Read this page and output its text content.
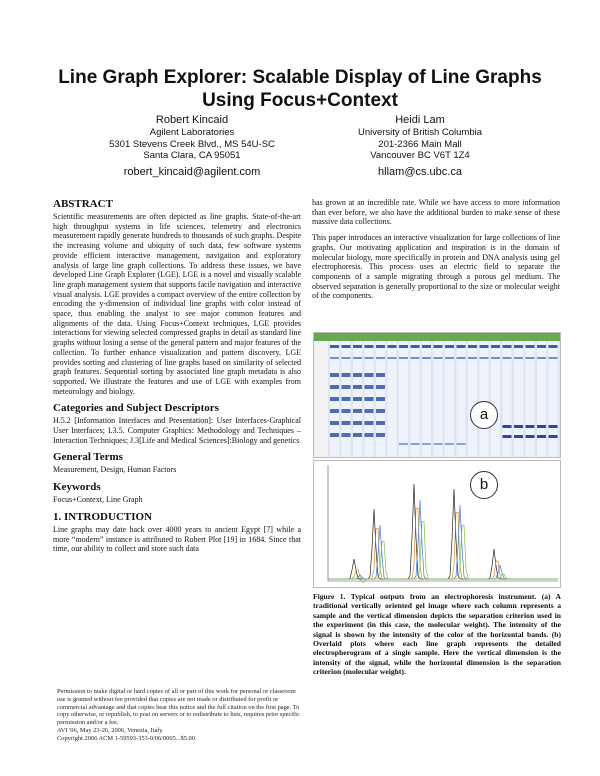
Line Graph Explorer: Scalable Display of Line Graphs Using Focus+Context
Robert Kincaid
Agilent Laboratories
5301 Stevens Creek Blvd., MS 54U-SC
Santa Clara, CA 95051
robert_kincaid@agilent.com
Heidi Lam
University of British Columbia
201-2366 Main Mall
Vancouver BC V6T 1Z4
hllam@cs.ubc.ca
ABSTRACT

Scientific measurements are often depicted as line graphs. State-of-the-art high throughput systems in life sciences, telemetry and electronics measurement rapidly generate hundreds to thousands of such graphs. Despite the increasing volume and ubiquity of such data, few software systems provide efficient interactive management, navigation and exploratory analysis of large line graph collections. To address these issues, we have developed Line Graph Explorer (LGE). LGE is a novel and visually scalable line graph management system that supports facile navigation and interactive visual analysis. LGE provides a compact overview of the entire collection by encoding the y-dimension of individual line graphs with color instead of space, thus enabling the analyst to see major common features and alignments of the data. Using Focus+Context techniques, LGE provides interactions for viewing selected compressed graphs in detail as standard line graphs without losing a sense of the general pattern and major features of the collection. To further enhance visualization and pattern discovery, LGE provides sorting and clustering of line graphs based on similarity of selected graph features. Sequential sorting by associated line graph metadata is also supported. We illustrate the features and use of LGE with examples from meteorology and biology.

Categories and Subject Descriptors

H.5.2 [Information Interfaces and Presentation]: User Interfaces-Graphical User Interfaces; I.3.5. Computer Graphics: Methodology and Techniques – Interaction Techniques; J.3[Life and Medical Sciences]:Biology and genetics

General Terms

Measurement, Design, Human Factors

Keywords

Focus+Context, Line Graph

1. INTRODUCTION

Line graphs may date back over 4000 years to ancient Egypt [7] while a more “modern” instance is attributed to Robert Plot [19] in 1684. Since that time, our ability to collect and store such data

Permission to make digital or hard copies of all or part of this work for personal or classroom use is granted without fee provided that copies are not made or distributed for profit or commercial advantage and that copies bear this notice and the full citation on the first page. To copy otherwise, or republish, to post on servers or to redistribute to lists, requires prior specific permission and/or a fee.
AVI '06, May 23-26, 2006, Venezia, Italy.
Copyright 2006 ACM 1-59593-353-0/06/0005...$5.00.

has grown at an incredible rate. While we have access to more information than ever before, we also have the additional burden to make sense of these massive data collections.

This paper introduces an interactive visualization for large collections of line graphs. Our motivating application and inspiration is in the domain of molecular biology, more specifically in protein and DNA analysis using gel electrophoresis. This process uses an electric field to separate the components of a sample migrating through a porous gel medium. The observed separation is generally proportional to the size or molecular weight of the components.

a
b
Figure 1. Typical outputs from an electrophoresis instrument. (a) A traditional vertically oriented gel image where each column represents a sample and the vertical dimension depicts the separation criterion used in the experiment (in this case, the molecular weight). The intensity of the signal is shown by the intensity of the color of the horizontal bands. (b) Overlaid plots where each line graph represents the detailed electropherogram of a single sample. Here the vertical dimension is the intensity of the signal, while the horizontal dimension is the separation criterion (molecular weight).
